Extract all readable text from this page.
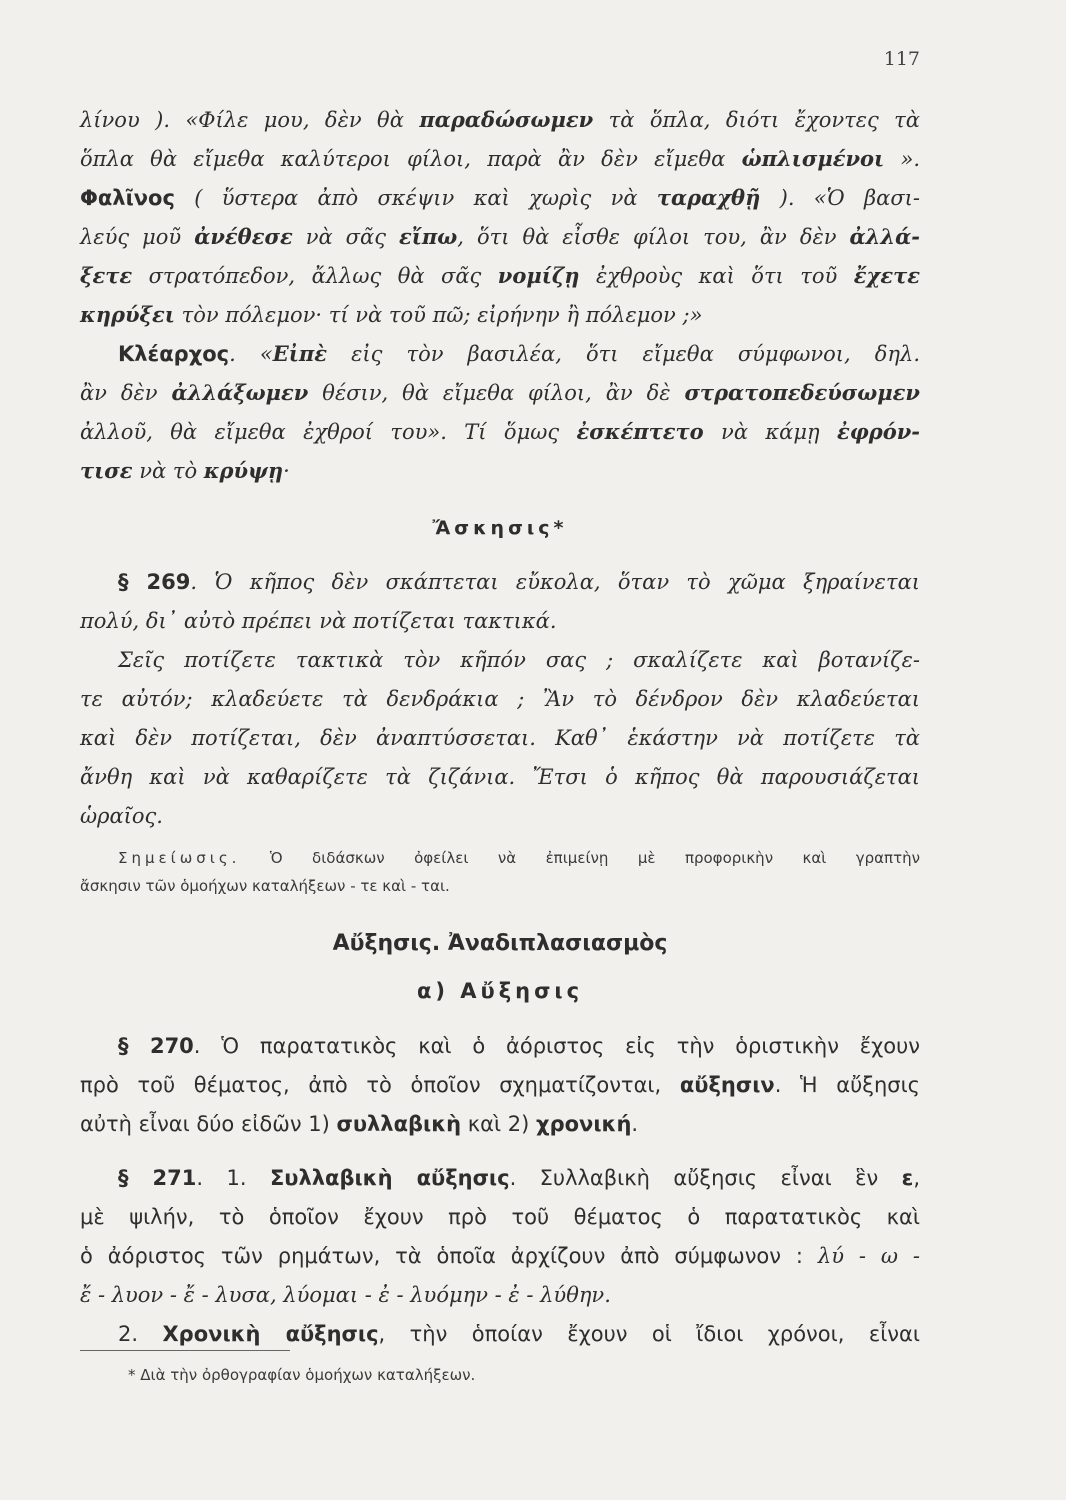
117
λίνου ). «Φίλε μου, δὲν θὰ παραδώσωμεν τὰ ὅπλα, διότι ἔχοντες τὰ
ὅπλα θὰ εἴμεθα καλύτεροι φίλοι, παρὰ ἂν δὲν εἴμεθα ὡπλισμένοι ».
Φαλῖνος ( ὕστερα ἀπὸ σκέψιν καὶ χωρὶς νὰ ταραχθῇ ). «Ὁ βασι-
λεύς μοῦ ἀνέθεσε νὰ σᾶς εἴπω, ὅτι θὰ εἶσθε φίλοι του, ἂν δὲν ἀλλά-
ξετε στρατόπεδον, ἄλλως θὰ σᾶς νομίζῃ ἐχθροὺς καὶ ὅτι τοῦ ἔχετε
κηρύξει τὸν πόλεμον· τί νὰ τοῦ πῶ; εἰρήνην ἢ πόλεμον ;»
Κλέαρχος. «Εἰπὲ εἰς τὸν βασιλέα, ὅτι εἴμεθα σύμφωνοι, δηλ.
ἂν δὲν ἀλλάξωμεν θέσιν, θὰ εἴμεθα φίλοι, ἂν δὲ στρατοπεδεύσωμεν
ἀλλοῦ, θὰ εἴμεθα ἐχθροί του». Τί ὅμως ἐσκέπτετο νὰ κάμῃ ἐφρόν-
τισε νὰ τὸ κρύψῃ·
Ἄσκησις*
§ 269. Ὁ κῆπος δὲν σκάπτεται εὔκολα, ὅταν τὸ χῶμα ξηραίνεται
πολύ, δι᾽ αὐτὸ πρέπει νὰ ποτίζεται τακτικά.
Σεῖς ποτίζετε τακτικὰ τὸν κῆπόν σας ; σκαλίζετε καὶ βοτανίζε-
τε αὐτόν; κλαδεύετε τὰ δενδράκια ; Ἂν τὸ δένδρον δὲν κλαδεύεται
καὶ δὲν ποτίζεται, δὲν ἀναπτύσσεται. Καθ᾽ ἑκάστην νὰ ποτίζετε τὰ
ἄνθη καὶ νὰ καθαρίζετε τὰ ζιζάνια. Ἔτσι ὁ κῆπος θὰ παρουσιάζεται
ὡραῖος.
Σημείωσις. Ὁ διδάσκων ὀφείλει νὰ ἐπιμείνῃ μὲ προφορικὴν καὶ γραπτὴν
ἄσκησιν τῶν ὁμοήχων καταλήξεων - τε καὶ - ται.
Αὔξησις. Ἀναδιπλασιασμὸς
α) Αὔξησις
§ 270. Ὁ παρατατικὸς καὶ ὁ ἀόριστος εἰς τὴν ὁριστικὴν ἔχουν
πρὸ τοῦ θέματος, ἀπὸ τὸ ὁποῖον σχηματίζονται, αὔξησιν. Ἡ αὔξησις
αὐτὴ εἶναι δύο εἰδῶν 1) συλλαβικὴ καὶ 2) χρονική.
§ 271. 1. Συλλαβικὴ αὔξησις. Συλλαβικὴ αὔξησις εἶναι ἓν ε,
μὲ ψιλήν, τὸ ὁποῖον ἔχουν πρὸ τοῦ θέματος ὁ παρατατικὸς καὶ
ὁ ἀόριστος τῶν ρημάτων, τὰ ὁποῖα ἀρχίζουν ἀπὸ σύμφωνον : λύ - ω -
ἔ - λυον - ἔ - λυσα, λύομαι - ἐ - λυόμην - ἐ - λύθην.
2. Χρονικὴ αὔξησις, τὴν ὁποίαν ἔχουν οἱ ἴδιοι χρόνοι, εἶναι
* Διὰ τὴν ὀρθογραφίαν ὁμοήχων καταλήξεων.
